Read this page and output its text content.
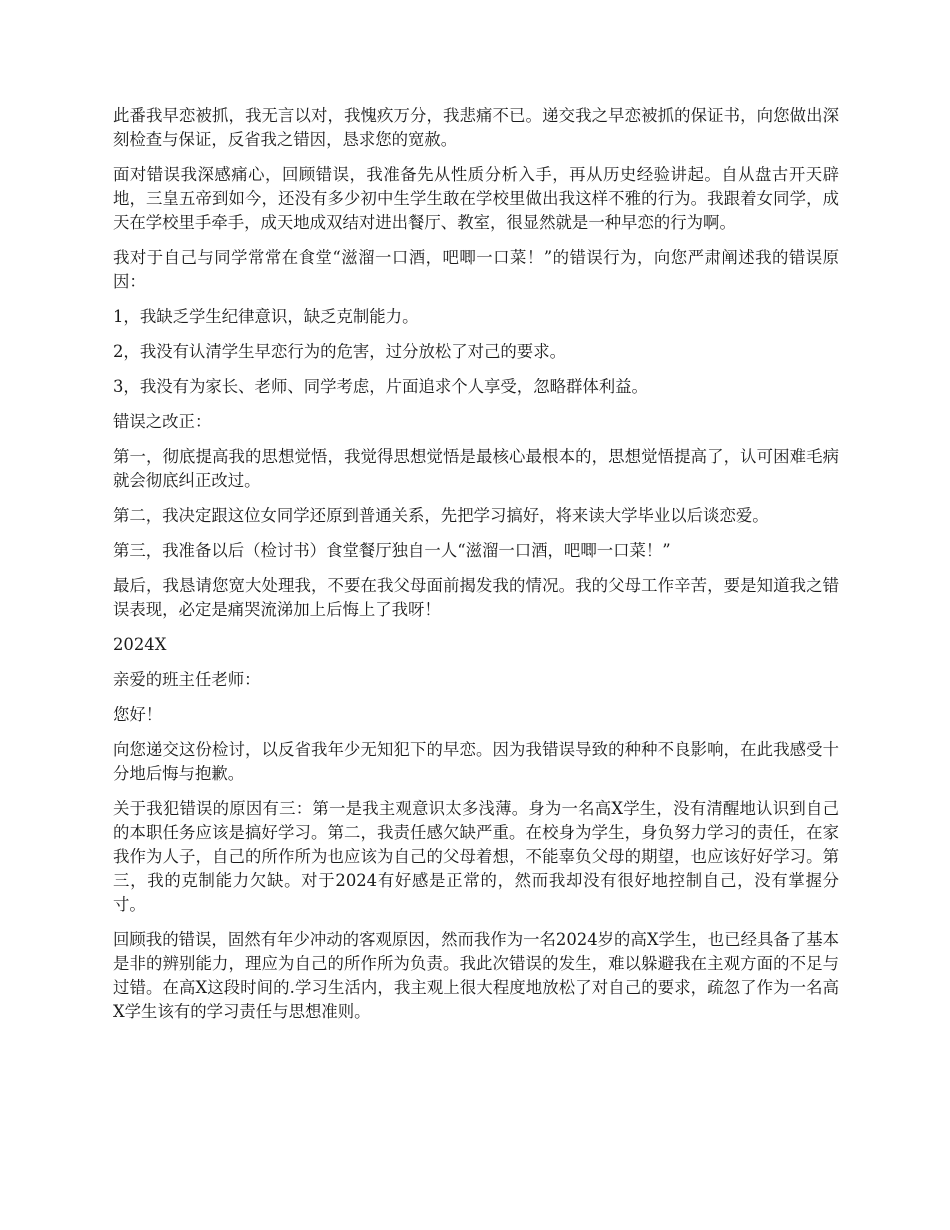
此番我早恋被抓，我无言以对，我愧疚万分，我悲痛不已。递交我之早恋被抓的保证书，向您做出深刻检查与保证，反省我之错因，恳求您的宽赦。

面对错误我深感痛心，回顾错误，我准备先从性质分析入手，再从历史经验讲起。自从盘古开天辟地，三皇五帝到如今，还没有多少初中生学生敢在学校里做出我这样不雅的行为。我跟着女同学，成天在学校里手牵手，成天地成双结对进出餐厅、教室，很显然就是一种早恋的行为啊。

我对于自己与同学常常在食堂“滋溜一口酒，吧唧一口菜！”的错误行为，向您严肃阐述我的错误原因：

1，我缺乏学生纪律意识，缺乏克制能力。

2，我没有认清学生早恋行为的危害，过分放松了对己的要求。

3，我没有为家长、老师、同学考虑，片面追求个人享受，忽略群体利益。

错误之改正：

第一，彻底提高我的思想觉悟，我觉得思想觉悟是最核心最根本的，思想觉悟提高了，认可困难毛病就会彻底纠正改过。

第二，我决定跟这位女同学还原到普通关系，先把学习搞好，将来读大学毕业以后谈恋爱。

第三，我准备以后（检讨书）食堂餐厅独自一人“滋溜一口酒，吧唧一口菜！”

最后，我恳请您宽大处理我，不要在我父母面前揭发我的情况。我的父母工作辛苦，要是知道我之错误表现，必定是痛哭流涕加上后悔上了我呀！

2024X

亲爱的班主任老师：

您好！

向您递交这份检讨，以反省我年少无知犯下的早恋。因为我错误导致的种种不良影响，在此我感受十分地后悔与抱歉。

关于我犯错误的原因有三：第一是我主观意识太多浅薄。身为一名高X学生，没有清醒地认识到自己的本职任务应该是搞好学习。第二，我责任感欠缺严重。在校身为学生，身负努力学习的责任，在家我作为人子，自己的所作所为也应该为自己的父母着想，不能辜负父母的期望，也应该好好学习。第三，我的克制能力欠缺。对于2024有好感是正常的，然而我却没有很好地控制自己，没有掌握分寸。

回顾我的错误，固然有年少冲动的客观原因，然而我作为一名2024岁的高X学生，也已经具备了基本是非的辨别能力，理应为自己的所作所为负责。我此次错误的发生，难以躲避我在主观方面的不足与过错。在高X这段时间的.学习生活内，我主观上很大程度地放松了对自己的要求，疏忽了作为一名高X学生该有的学习责任与思想准则。
